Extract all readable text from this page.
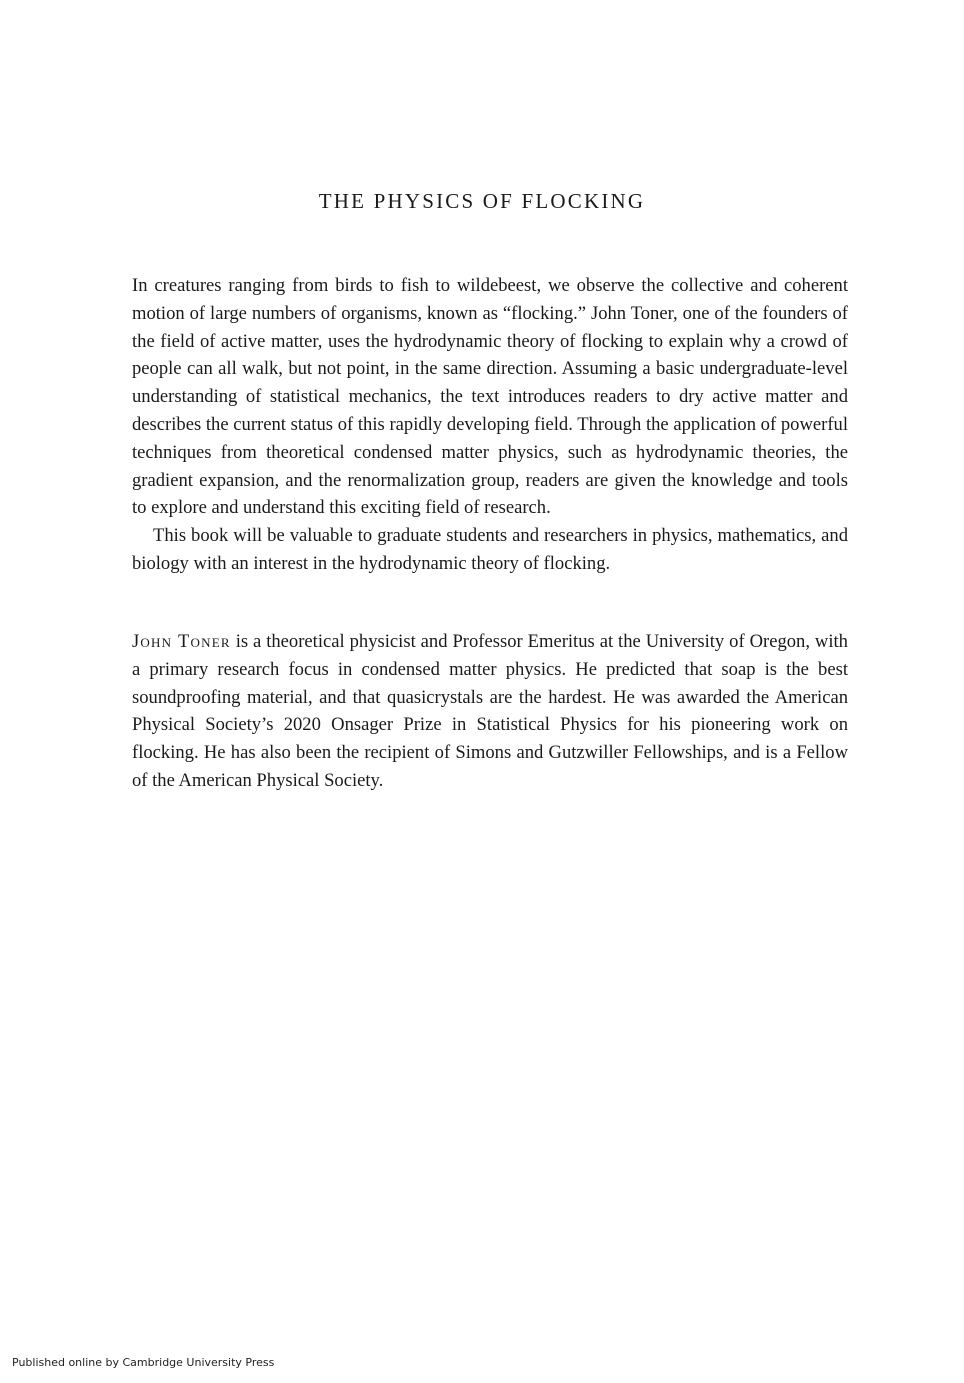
THE PHYSICS OF FLOCKING

In creatures ranging from birds to fish to wildebeest, we observe the collective and coherent motion of large numbers of organisms, known as “flocking.” John Toner, one of the founders of the field of active matter, uses the hydrodynamic theory of flocking to explain why a crowd of people can all walk, but not point, in the same direction. Assuming a basic undergraduate-level understanding of statistical mechanics, the text introduces readers to dry active matter and describes the current status of this rapidly developing field. Through the application of powerful techniques from theoretical condensed matter physics, such as hydrodynamic theories, the gradient expansion, and the renormalization group, readers are given the knowledge and tools to explore and understand this exciting field of research.

This book will be valuable to graduate students and researchers in physics, mathematics, and biology with an interest in the hydrodynamic theory of flocking.

John Toner is a theoretical physicist and Professor Emeritus at the University of Oregon, with a primary research focus in condensed matter physics. He predicted that soap is the best soundproofing material, and that quasicrystals are the hardest. He was awarded the American Physical Society’s 2020 Onsager Prize in Statistical Physics for his pioneering work on flocking. He has also been the recipient of Simons and Gutzwiller Fellowships, and is a Fellow of the American Physical Society.

Published online by Cambridge University Press
